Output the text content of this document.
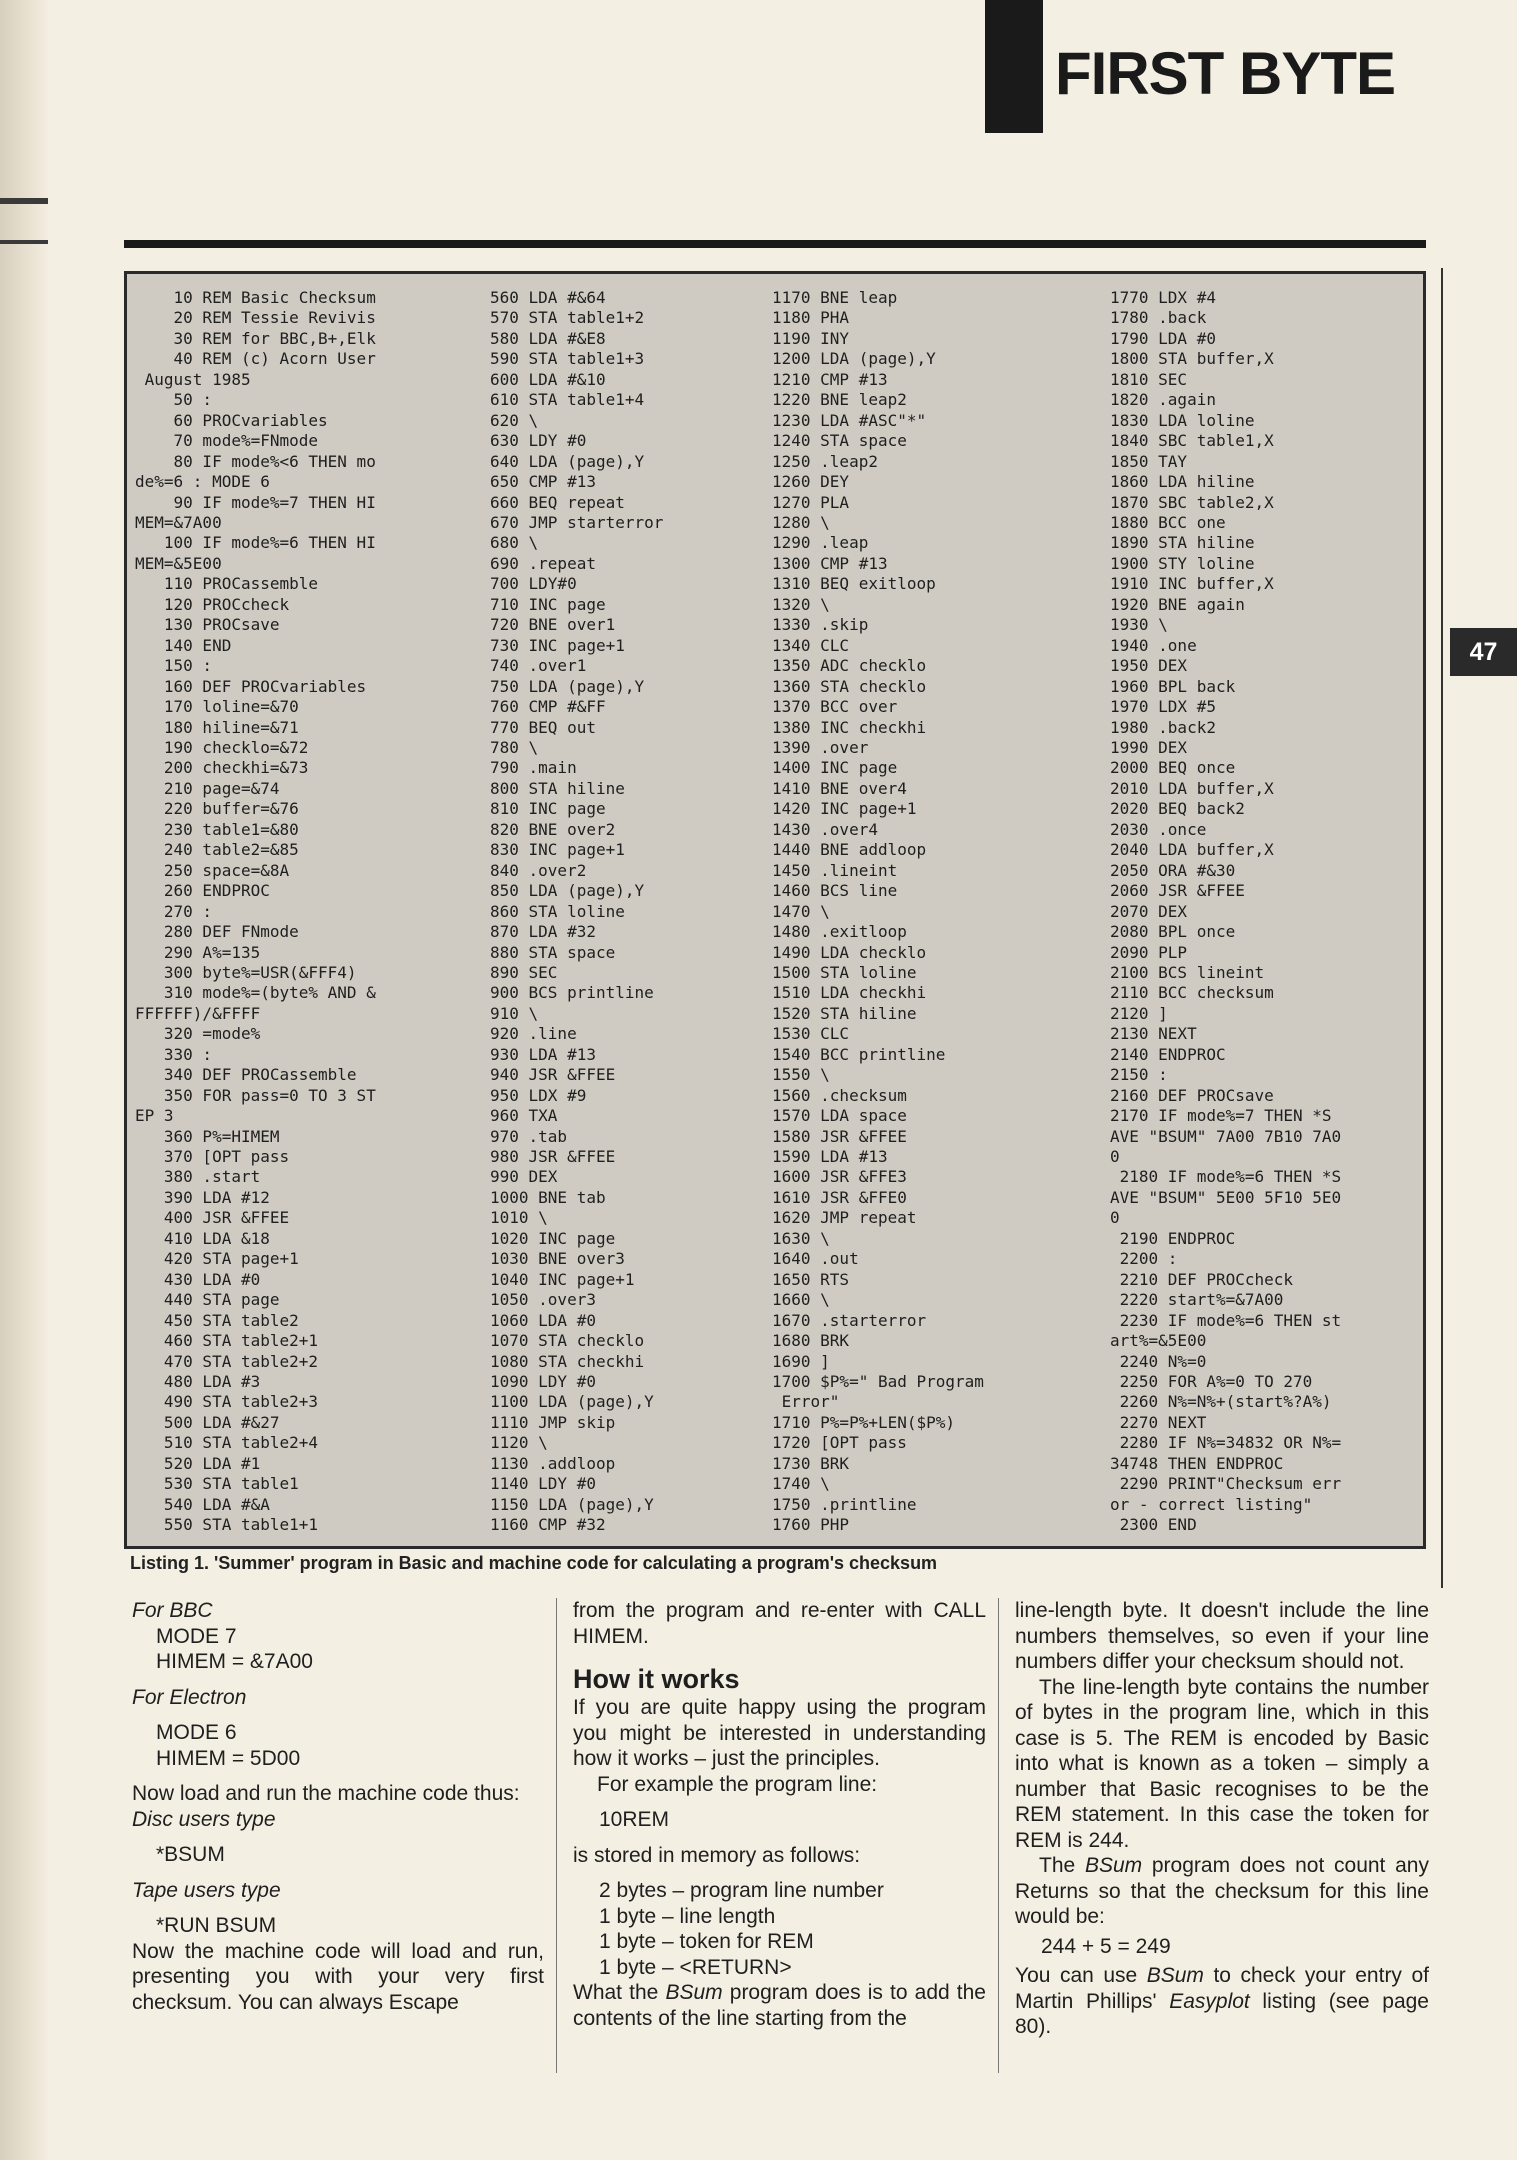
FIRST BYTE
47
10 REM Basic Checksum
20 REM Tessie Revivis
30 REM for BBC,B+,Elk
40 REM (c) Acorn User
August 1985
50 :
60 PROCvariables
70 mode%=FNmode
80 IF mode%<6 THEN mo
de%=6 : MODE 6
90 IF mode%=7 THEN HI
MEM=&7A00
100 IF mode%=6 THEN HI
MEM=&5E00
110 PROCassemble
120 PROCcheck
130 PROCsave
140 END
150 :
160 DEF PROCvariables
170 loline=&70
180 hiline=&71
190 checklo=&72
200 checkhi=&73
210 page=&74
220 buffer=&76
230 table1=&80
240 table2=&85
250 space=&8A
260 ENDPROC
270 :
280 DEF FNmode
290 A%=135
300 byte%=USR(&FFF4)
310 mode%=(byte% AND &
FFFFFF)/&FFFF
320 =mode%
330 :
340 DEF PROCassemble
350 FOR pass=0 TO 3 ST
EP 3
360 P%=HIMEM
370 [OPT pass
380 .start
390 LDA #12
400 JSR &FFEE
410 LDA &18
420 STA page+1
430 LDA #0
440 STA page
450 STA table2
460 STA table2+1
470 STA table2+2
480 LDA #3
490 STA table2+3
500 LDA #&27
510 STA table2+4
520 LDA #1
530 STA table1
540 LDA #&A
550 STA table1+1
560 LDA #&64
570 STA table1+2
580 LDA #&E8
590 STA table1+3
600 LDA #&10
610 STA table1+4
620 \
630 LDY #0
640 LDA (page),Y
650 CMP #13
660 BEQ repeat
670 JMP starterror
680 \
690 .repeat
700 LDY#0
710 INC page
720 BNE over1
730 INC page+1
740 .over1
750 LDA (page),Y
760 CMP #&FF
770 BEQ out
780 \
790 .main
800 STA hiline
810 INC page
820 BNE over2
830 INC page+1
840 .over2
850 LDA (page),Y
860 STA loline
870 LDA #32
880 STA space
890 SEC
900 BCS printline
910 \
920 .line
930 LDA #13
940 JSR &FFEE
950 LDX #9
960 TXA
970 .tab
980 JSR &FFEE
990 DEX
1000 BNE tab
1010 \
1020 INC page
1030 BNE over3
1040 INC page+1
1050 .over3
1060 LDA #0
1070 STA checklo
1080 STA checkhi
1090 LDY #0
1100 LDA (page),Y
1110 JMP skip
1120 \
1130 .addloop
1140 LDY #0
1150 LDA (page),Y
1160 CMP #32
1170 BNE leap
1180 PHA
1190 INY
1200 LDA (page),Y
1210 CMP #13
1220 BNE leap2
1230 LDA #ASC"*"
1240 STA space
1250 .leap2
1260 DEY
1270 PLA
1280 \
1290 .leap
1300 CMP #13
1310 BEQ exitloop
1320 \
1330 .skip
1340 CLC
1350 ADC checklo
1360 STA checklo
1370 BCC over
1380 INC checkhi
1390 .over
1400 INC page
1410 BNE over4
1420 INC page+1
1430 .over4
1440 BNE addloop
1450 .lineint
1460 BCS line
1470 \
1480 .exitloop
1490 LDA checklo
1500 STA loline
1510 LDA checkhi
1520 STA hiline
1530 CLC
1540 BCC printline
1550 \
1560 .checksum
1570 LDA space
1580 JSR &FFEE
1590 LDA #13
1600 JSR &FFE3
1610 JSR &FFE0
1620 JMP repeat
1630 \
1640 .out
1650 RTS
1660 \
1670 .starterror
1680 BRK
1690 ]
1700 $P%=" Bad Program
Error"
1710 P%=P%+LEN($P%)
1720 [OPT pass
1730 BRK
1740 \
1750 .printline
1760 PHP
1770 LDX #4
1780 .back
1790 LDA #0
1800 STA buffer,X
1810 SEC
1820 .again
1830 LDA loline
1840 SBC table1,X
1850 TAY
1860 LDA hiline
1870 SBC table2,X
1880 BCC one
1890 STA hiline
1900 STY loline
1910 INC buffer,X
1920 BNE again
1930 \
1940 .one
1950 DEX
1960 BPL back
1970 LDX #5
1980 .back2
1990 DEX
2000 BEQ once
2010 LDA buffer,X
2020 BEQ back2
2030 .once
2040 LDA buffer,X
2050 ORA #&30
2060 JSR &FFEE
2070 DEX
2080 BPL once
2090 PLP
2100 BCS lineint
2110 BCC checksum
2120 ]
2130 NEXT
2140 ENDPROC
2150 :
2160 DEF PROCsave
2170 IF mode%=7 THEN *S
AVE "BSUM" 7A00 7B10 7A0
0
2180 IF mode%=6 THEN *S
AVE "BSUM" 5E00 5F10 5E0
0
2190 ENDPROC
2200 :
2210 DEF PROCcheck
2220 start%=&7A00
2230 IF mode%=6 THEN st
art%=&5E00
2240 N%=0
2250 FOR A%=0 TO 270
2260 N%=N%+(start%?A%)
2270 NEXT
2280 IF N%=34832 OR N%=
34748 THEN ENDPROC
2290 PRINT"Checksum err
or - correct listing"
2300 END
Listing 1. 'Summer' program in Basic and machine code for calculating a program's checksum

For BBC

MODE 7

HIMEM = &7A00

For Electron

MODE 6

HIMEM = 5D00

Now load and run the machine code thus:

Disc users type

*BSUM

Tape users type

*RUN BSUM

Now the machine code will load and run, presenting you with your very first checksum. You can always Escape

from the program and re-enter with CALL HIMEM.

How it works

If you are quite happy using the program you might be interested in understanding how it works – just the principles.

For example the program line:

10REM

is stored in memory as follows:

2 bytes – program line number

1 byte – line length

1 byte – token for REM

1 byte – <RETURN>

What the BSum program does is to add the contents of the line starting from the

line-length byte. It doesn't include the line numbers themselves, so even if your line numbers differ your checksum should not.

The line-length byte contains the number of bytes in the program line, which in this case is 5. The REM is encoded by Basic into what is known as a token – simply a number that Basic recognises to be the REM statement. In this case the token for REM is 244.

The BSum program does not count any Returns so that the checksum for this line would be:

244 + 5 = 249

You can use BSum to check your entry of Martin Phillips' Easyplot listing (see page 80).
